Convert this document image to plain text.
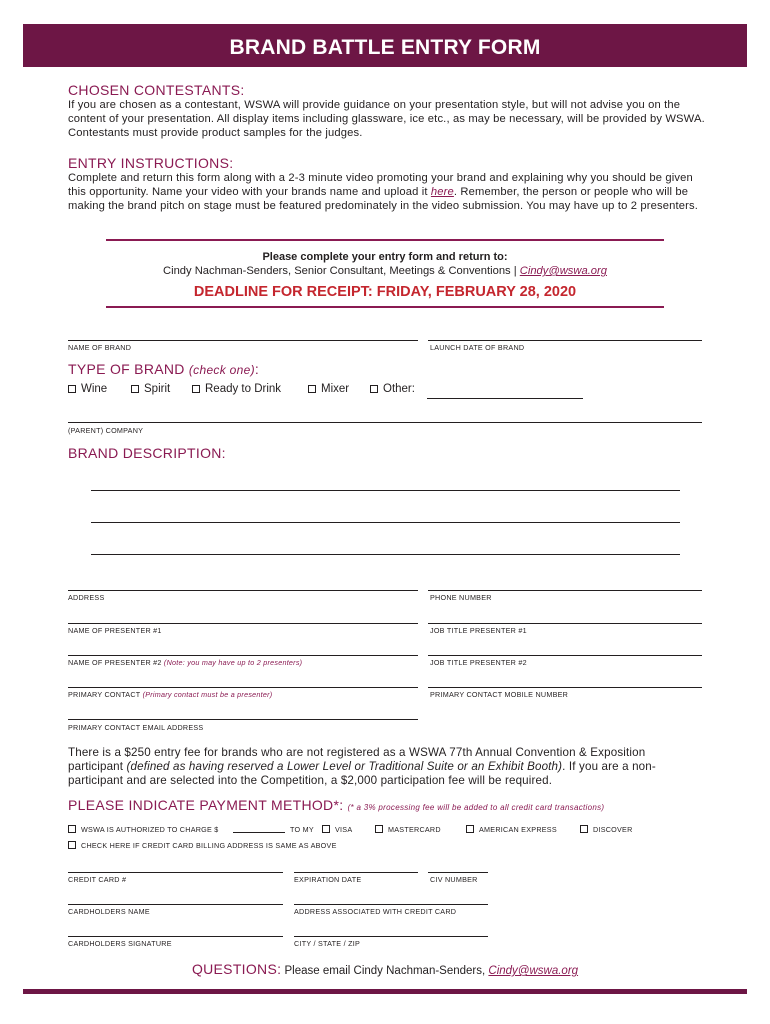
BRAND BATTLE ENTRY FORM
CHOSEN CONTESTANTS:
If you are chosen as a contestant, WSWA will provide guidance on your presentation style, but will not advise you on the content of your presentation. All display items including glassware, ice etc., as may be necessary, will be provided by WSWA. Contestants must provide product samples for the judges.
ENTRY INSTRUCTIONS:
Complete and return this form along with a 2-3 minute video promoting your brand and explaining why you should be given this opportunity. Name your video with your brands name and upload it here. Remember, the person or people who will be making the brand pitch on stage must be featured predominately in the video submission. You may have up to 2 presenters.
Please complete your entry form and return to:
Cindy Nachman-Senders, Senior Consultant, Meetings & Conventions | Cindy@wswa.org
DEADLINE FOR RECEIPT: FRIDAY, FEBRUARY 28, 2020
NAME OF BRAND	LAUNCH DATE OF BRAND
TYPE OF BRAND (check one):
Wine	Spirit	Ready to Drink	Mixer	Other:
(PARENT) COMPANY
BRAND DESCRIPTION:
ADDRESS	PHONE NUMBER
NAME OF PRESENTER #1	JOB TITLE PRESENTER #1
NAME OF PRESENTER #2 (Note: you may have up to 2 presenters)	JOB TITLE PRESENTER #2
PRIMARY CONTACT (Primary contact must be a presenter)	PRIMARY CONTACT MOBILE NUMBER
PRIMARY CONTACT EMAIL ADDRESS
There is a $250 entry fee for brands who are not registered as a WSWA 77th Annual Convention & Exposition participant (defined as having reserved a Lower Level or Traditional Suite or an Exhibit Booth). If you are a non-participant and are selected into the Competition, a $2,000 participation fee will be required.
PLEASE INDICATE PAYMENT METHOD*: (* a 3% processing fee will be added to all credit card transactions)
WSWA IS AUTHORIZED TO CHARGE $	TO MY	VISA	MASTERCARD	AMERICAN EXPRESS	DISCOVER
CHECK HERE IF CREDIT CARD BILLING ADDRESS IS SAME AS ABOVE
CREDIT CARD #	EXPIRATION DATE	CIV NUMBER
CARDHOLDERS NAME	ADDRESS ASSOCIATED WITH CREDIT CARD
CARDHOLDERS SIGNATURE	CITY / STATE / ZIP
QUESTIONS: Please email Cindy Nachman-Senders, Cindy@wswa.org
